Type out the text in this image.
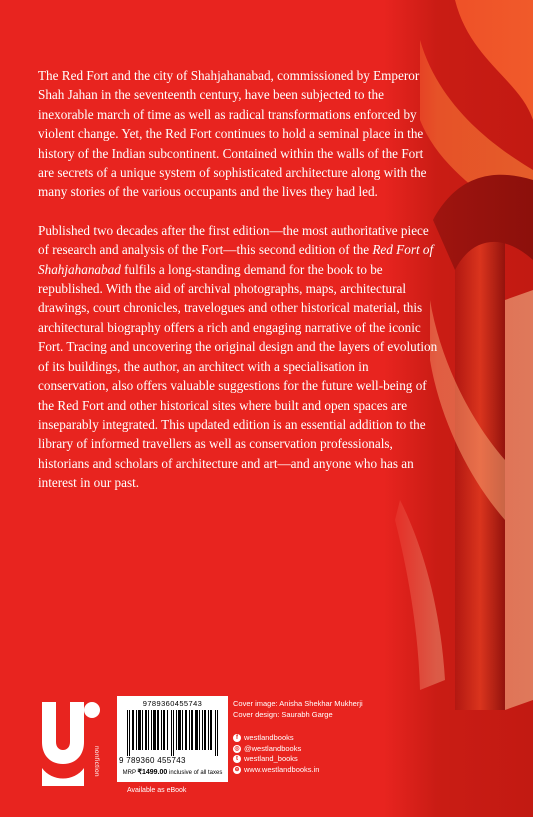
The Red Fort and the city of Shahjahanabad, commissioned by Emperor Shah Jahan in the seventeenth century, have been subjected to the inexorable march of time as well as radical transformations enforced by violent change. Yet, the Red Fort continues to hold a seminal place in the history of the Indian subcontinent. Contained within the walls of the Fort are secrets of a unique system of sophisticated architecture along with the many stories of the various occupants and the lives they had led.

Published two decades after the first edition—the most authoritative piece of research and analysis of the Fort—this second edition of the Red Fort of Shahjahanabad fulfils a long-standing demand for the book to be republished. With the aid of archival photographs, maps, architectural drawings, court chronicles, travelogues and other historical material, this architectural biography offers a rich and engaging narrative of the iconic Fort. Tracing and uncovering the original design and the layers of evolution of its buildings, the author, an architect with a specialisation in conservation, also offers valuable suggestions for the future well-being of the Red Fort and other historical sites where built and open spaces are inseparably integrated. This updated edition is an essential addition to the library of informed travellers as well as conservation professionals, historians and scholars of architecture and art—and anyone who has an interest in our past.

nonfiction
9789360455743
9 789360 455743
MRP ₹1499.00 inclusive of all taxes
Available as eBook
Cover image: Anisha Shekhar Mukherji
Cover design: Saurabh Garge
f westlandbooks
◎ @westlandbooks
t westland_books
⊕ www.westlandbooks.in
